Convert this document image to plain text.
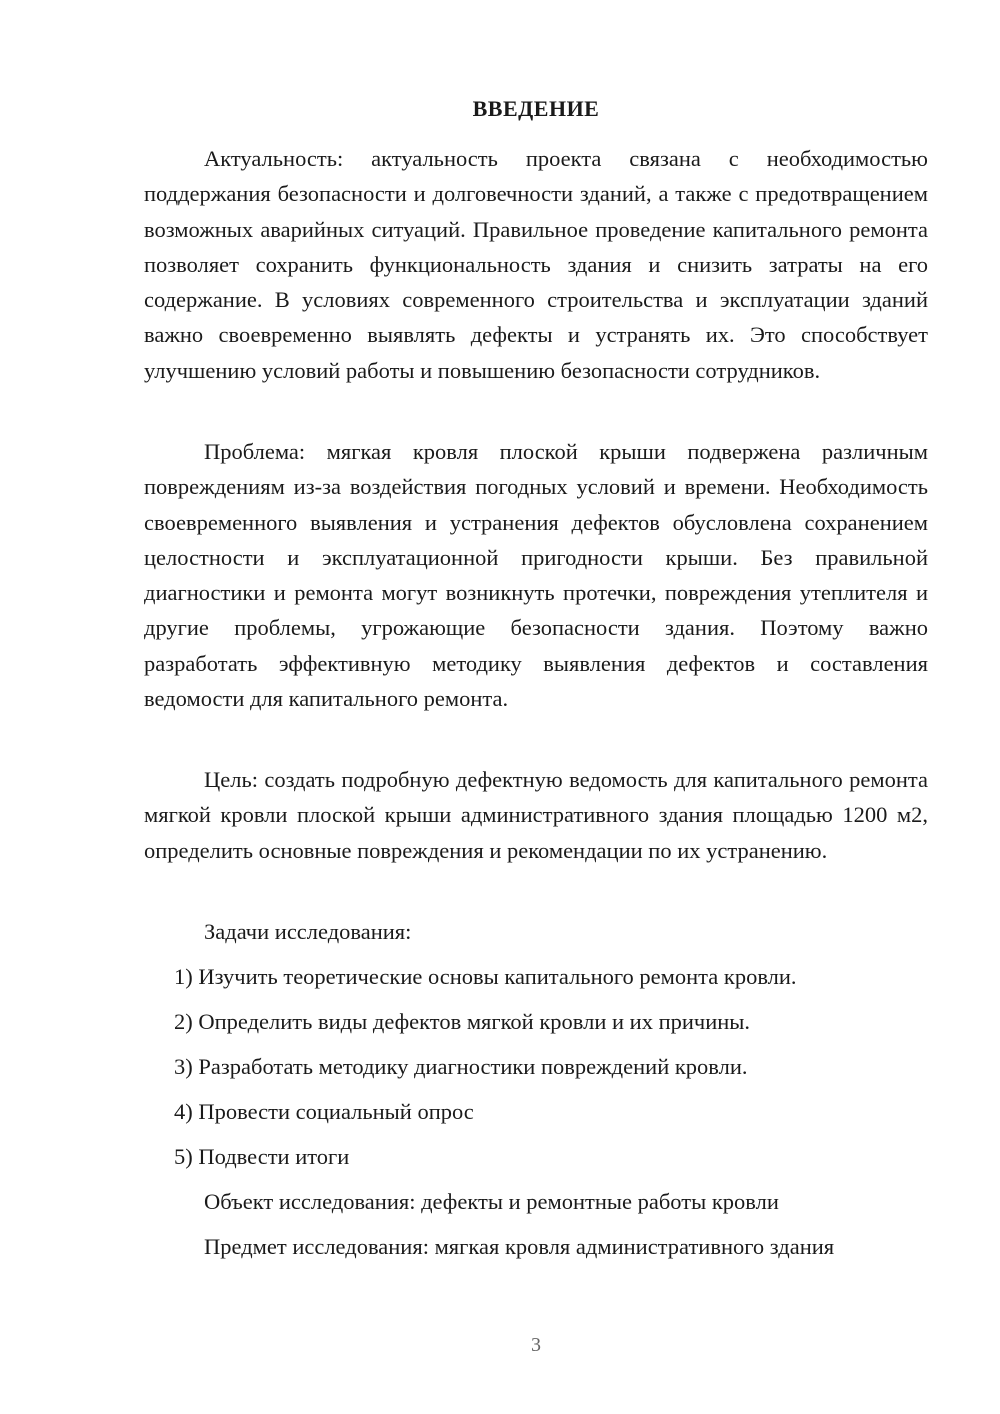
ВВЕДЕНИЕ

Актуальность: актуальность проекта связана с необходимостью поддержания безопасности и долговечности зданий, а также с предотвращением возможных аварийных ситуаций. Правильное проведение капитального ремонта позволяет сохранить функциональность здания и снизить затраты на его содержание. В условиях современного строительства и эксплуатации зданий важно своевременно выявлять дефекты и устранять их. Это способствует улучшению условий работы и повышению безопасности сотрудников.

Проблема: мягкая кровля плоской крыши подвержена различным повреждениям из-за воздействия погодных условий и времени. Необходимость своевременного выявления и устранения дефектов обусловлена сохранением целостности и эксплуатационной пригодности крыши. Без правильной диагностики и ремонта могут возникнуть протечки, повреждения утеплителя и другие проблемы, угрожающие безопасности здания. Поэтому важно разработать эффективную методику выявления дефектов и составления ведомости для капитального ремонта.

Цель: создать подробную дефектную ведомость для капитального ремонта мягкой кровли плоской крыши административного здания площадью 1200 м2, определить основные повреждения и рекомендации по их устранению.

Задачи исследования:
1) Изучить теоретические основы капитального ремонта кровли.
2) Определить виды дефектов мягкой кровли и их причины.
3) Разработать методику диагностики повреждений кровли.
4) Провести социальный опрос
5) Подвести итоги
Объект исследования: дефекты и ремонтные работы кровли
Предмет исследования: мягкая кровля административного здания
3
